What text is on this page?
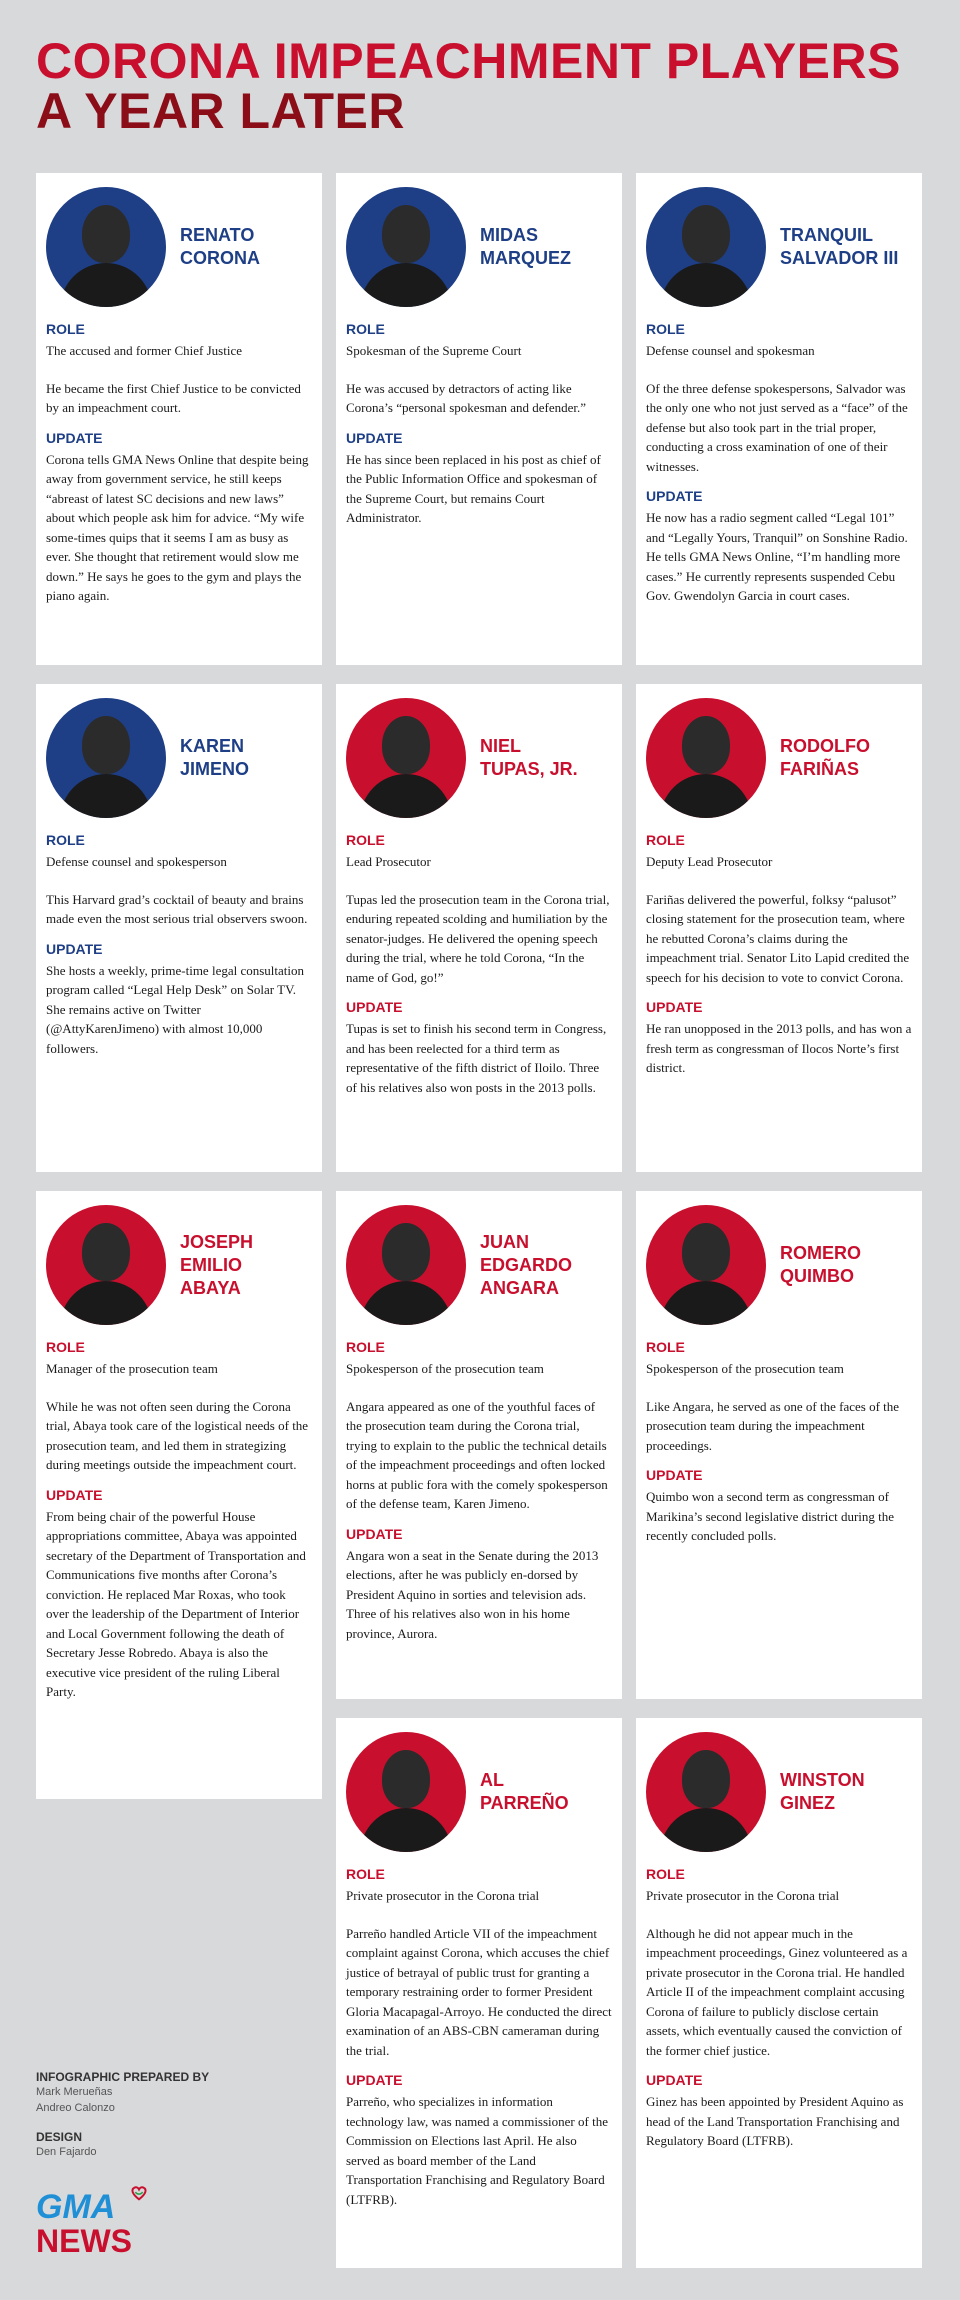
CORONA IMPEACHMENT PLAYERS
A YEAR LATER
RENATO
CORONA
ROLE

The accused and former Chief Justice

He became the first Chief Justice to be convicted by an impeachment court.

UPDATE

Corona tells GMA News Online that despite being away from government service, he still keeps “abreast of latest SC decisions and new laws” about which people ask him for advice. “My wife some-times quips that it seems I am as busy as ever. She thought that retirement would slow me down.” He says he goes to the gym and plays the piano again.

MIDAS
MARQUEZ
ROLE

Spokesman of the Supreme Court

He was accused by detractors of acting like Corona’s “personal spokesman and defender.”

UPDATE

He has since been replaced in his post as chief of the Public Information Office and spokesman of the Supreme Court, but remains Court Administrator.

TRANQUIL
SALVADOR III
ROLE

Defense counsel and spokesman

Of the three defense spokespersons, Salvador was the only one who not just served as a “face” of the defense but also took part in the trial proper, conducting a cross examination of one of their witnesses.

UPDATE

He now has a radio segment called “Legal 101” and “Legally Yours, Tranquil” on Sonshine Radio. He tells GMA News Online, “I’m handling more cases.” He currently represents suspended Cebu Gov. Gwendolyn Garcia in court cases.

KAREN
JIMENO
ROLE

Defense counsel and spokesperson

This Harvard grad’s cocktail of beauty and brains made even the most serious trial observers swoon.

UPDATE

She hosts a weekly, prime-time legal consultation program called “Legal Help Desk” on Solar TV. She remains active on Twitter (@AttyKarenJimeno) with almost 10,000 followers.

NIEL
TUPAS, JR.
ROLE

Lead Prosecutor

Tupas led the prosecution team in the Corona trial, enduring repeated scolding and humiliation by the senator-judges. He delivered the opening speech during the trial, where he told Corona, “In the name of God, go!”

UPDATE

Tupas is set to finish his second term in Congress, and has been reelected for a third term as representative of the fifth district of Iloilo. Three of his relatives also won posts in the 2013 polls.

RODOLFO
FARIÑAS
ROLE

Deputy Lead Prosecutor

Fariñas delivered the powerful, folksy “palusot” closing statement for the prosecution team, where he rebutted Corona’s claims during the impeachment trial. Senator Lito Lapid credited the speech for his decision to vote to convict Corona.

UPDATE

He ran unopposed in the 2013 polls, and has won a fresh term as congressman of Ilocos Norte’s first district.

JOSEPH
EMILIO
ABAYA
ROLE

Manager of the prosecution team

While he was not often seen during the Corona trial, Abaya took care of the logistical needs of the prosecution team, and led them in strategizing during meetings outside the impeachment court.

UPDATE

From being chair of the powerful House appropriations committee, Abaya was appointed secretary of the Department of Transportation and Communications five months after Corona’s conviction. He replaced Mar Roxas, who took over the leadership of the Department of Interior and Local Government following the death of Secretary Jesse Robredo. Abaya is also the executive vice president of the ruling Liberal Party.

JUAN
EDGARDO
ANGARA
ROLE

Spokesperson of the prosecution team

Angara appeared as one of the youthful faces of the prosecution team during the Corona trial, trying to explain to the public the technical details of the impeachment proceedings and often locked horns at public fora with the comely spokesperson of the defense team, Karen Jimeno.

UPDATE

Angara won a seat in the Senate during the 2013 elections, after he was publicly en-dorsed by President Aquino in sorties and television ads. Three of his relatives also won in his home province, Aurora.

ROMERO
QUIMBO
ROLE

Spokesperson of the prosecution team

Like Angara, he served as one of the faces of the prosecution team during the impeachment proceedings.

UPDATE

Quimbo won a second term as congressman of Marikina’s second legislative district during the recently concluded polls.

AL
PARREÑO
ROLE

Private prosecutor in the Corona trial

Parreño handled Article VII of the impeachment complaint against Corona, which accuses the chief justice of betrayal of public trust for granting a temporary restraining order to former President Gloria Macapagal-Arroyo. He conducted the direct examination of an ABS-CBN cameraman during the trial.

UPDATE

Parreño, who specializes in information technology law, was named a commissioner of the Commission on Elections last April. He also served as board member of the Land Transportation Franchising and Regulatory Board (LTFRB).

WINSTON
GINEZ
ROLE

Private prosecutor in the Corona trial

Although he did not appear much in the impeachment proceedings, Ginez volunteered as a private prosecutor in the Corona trial. He handled Article II of the impeachment complaint accusing Corona of failure to publicly disclose certain assets, which eventually caused the conviction of the former chief justice.

UPDATE

Ginez has been appointed by President Aquino as head of the Land Transportation Franchising and Regulatory Board (LTFRB).

INFOGRAPHIC PREPARED BY
Mark Merueñas
Andreo Calonzo
DESIGN
Den Fajardo
GMA
NEWS
